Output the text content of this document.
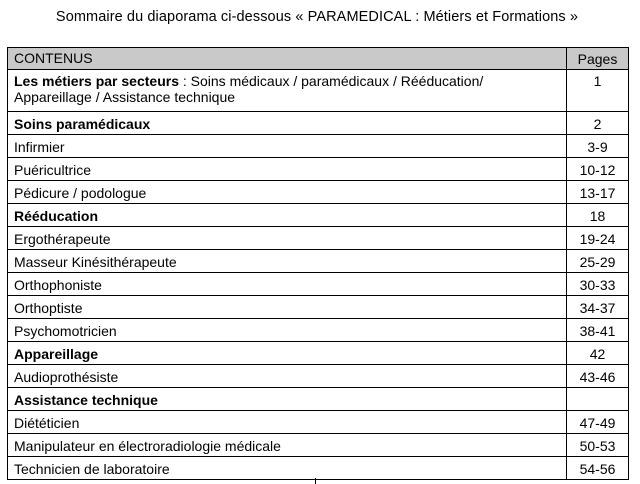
Sommaire du diaporama ci-dessous « PARAMEDICAL : Métiers et Formations »
CONTENUS	Pages
Les métiers par secteurs : Soins médicaux / paramédicaux / Rééducation/ Appareillage / Assistance technique	1
Soins paramédicaux	2
Infirmier	3-9
Puéricultrice	10-12
Pédicure / podologue	13-17
Rééducation	18
Ergothérapeute	19-24
Masseur Kinésithérapeute	25-29
Orthophoniste	30-33
Orthoptiste	34-37
Psychomotricien	38-41
Appareillage	42
Audioprothésiste	43-46
Assistance technique	
Diététicien	47-49
Manipulateur en électroradiologie médicale	50-53
Technicien de laboratoire	54-56
